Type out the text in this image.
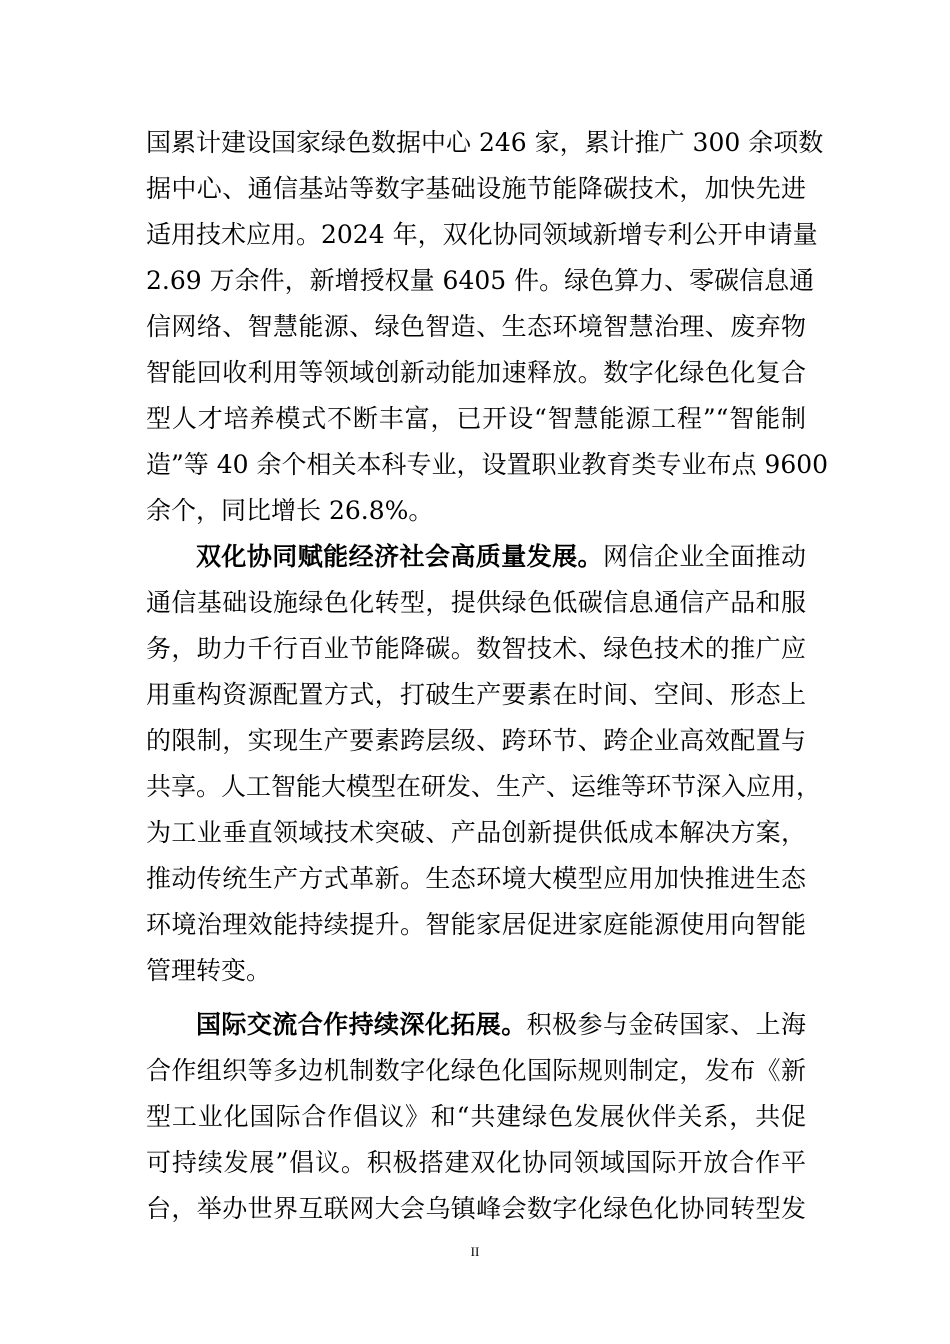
国累计建设国家绿色数据中心 246 家，累计推广 300 余项数
据中心、通信基站等数字基础设施节能降碳技术，加快先进
适用技术应用。2024 年，双化协同领域新增专利公开申请量
2.69 万余件，新增授权量 6405 件。绿色算力、零碳信息通
信网络、智慧能源、绿色智造、生态环境智慧治理、废弃物
智能回收利用等领域创新动能加速释放。数字化绿色化复合
型人才培养模式不断丰富，已开设“智慧能源工程”“智能制
造”等 40 余个相关本科专业，设置职业教育类专业布点 9600
余个，同比增长 26.8%。
双化协同赋能经济社会高质量发展。网信企业全面推动
通信基础设施绿色化转型，提供绿色低碳信息通信产品和服
务，助力千行百业节能降碳。数智技术、绿色技术的推广应
用重构资源配置方式，打破生产要素在时间、空间、形态上
的限制，实现生产要素跨层级、跨环节、跨企业高效配置与
共享。人工智能大模型在研发、生产、运维等环节深入应用，
为工业垂直领域技术突破、产品创新提供低成本解决方案，
推动传统生产方式革新。生态环境大模型应用加快推进生态
环境治理效能持续提升。智能家居促进家庭能源使用向智能
管理转变。
国际交流合作持续深化拓展。积极参与金砖国家、上海
合作组织等多边机制数字化绿色化国际规则制定，发布《新
型工业化国际合作倡议》和“共建绿色发展伙伴关系，共促
可持续发展”倡议。积极搭建双化协同领域国际开放合作平
台，举办世界互联网大会乌镇峰会数字化绿色化协同转型发
II
